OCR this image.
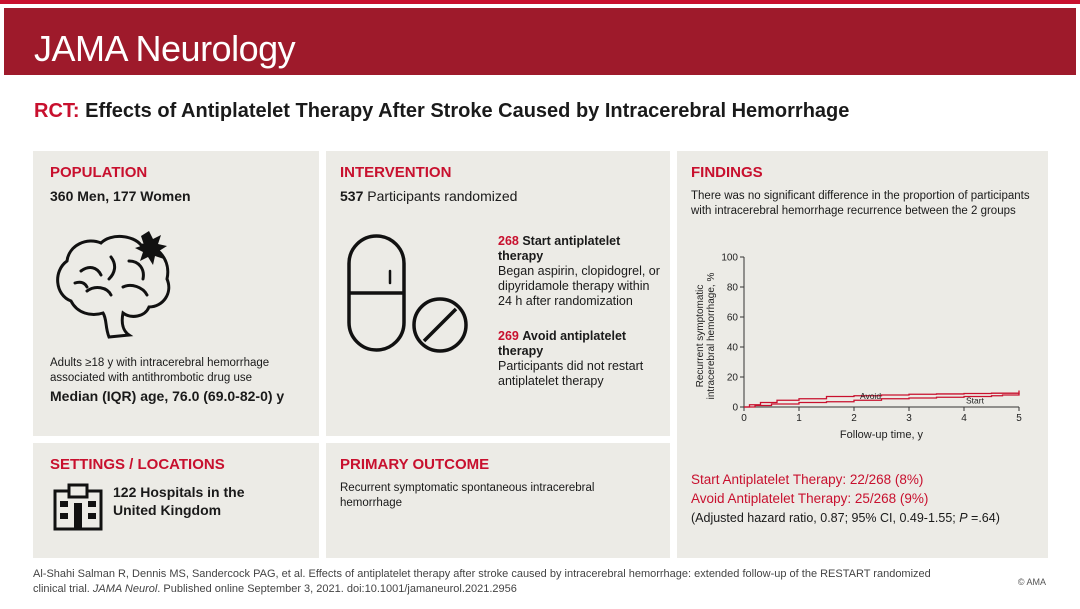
JAMA Neurology
RCT: Effects of Antiplatelet Therapy After Stroke Caused by Intracerebral Hemorrhage
POPULATION
360 Men, 177 Women
Adults ≥18 y with intracerebral hemorrhage associated with antithrombotic drug use
Median (IQR) age, 76.0 (69.0-82-0) y
INTERVENTION
537 Participants randomized
268 Start antiplatelet therapy
Began aspirin, clopidogrel, or dipyridamole therapy within 24 h after randomization
269 Avoid antiplatelet therapy
Participants did not restart antiplatelet therapy
FINDINGS
There was no significant difference in the proportion of participants with intracerebral hemorrhage recurrence between the 2 groups
Start Antiplatelet Therapy: 22/268 (8%)
Avoid Antiplatelet Therapy: 25/268 (9%)
(Adjusted hazard ratio, 0.87; 95% CI, 0.49-1.55; P =.64)
0
20
40
60
80
100
0	1	2	3	4	5
Follow-up time, y
Recurrent symptomatic intracerebral hemorrhage, %	Avoid	Start
SETTINGS / LOCATIONS
122 Hospitals in the United Kingdom
PRIMARY OUTCOME
Recurrent symptomatic spontaneous intracerebral hemorrhage
Al-Shahi Salman R, Dennis MS, Sandercock PAG, et al. Effects of antiplatelet therapy after stroke caused by intracerebral hemorrhage: extended follow-up of the RESTART randomized clinical trial. JAMA Neurol. Published online September 3, 2021. doi:10.1001/jamaneurol.2021.2956
© AMA
